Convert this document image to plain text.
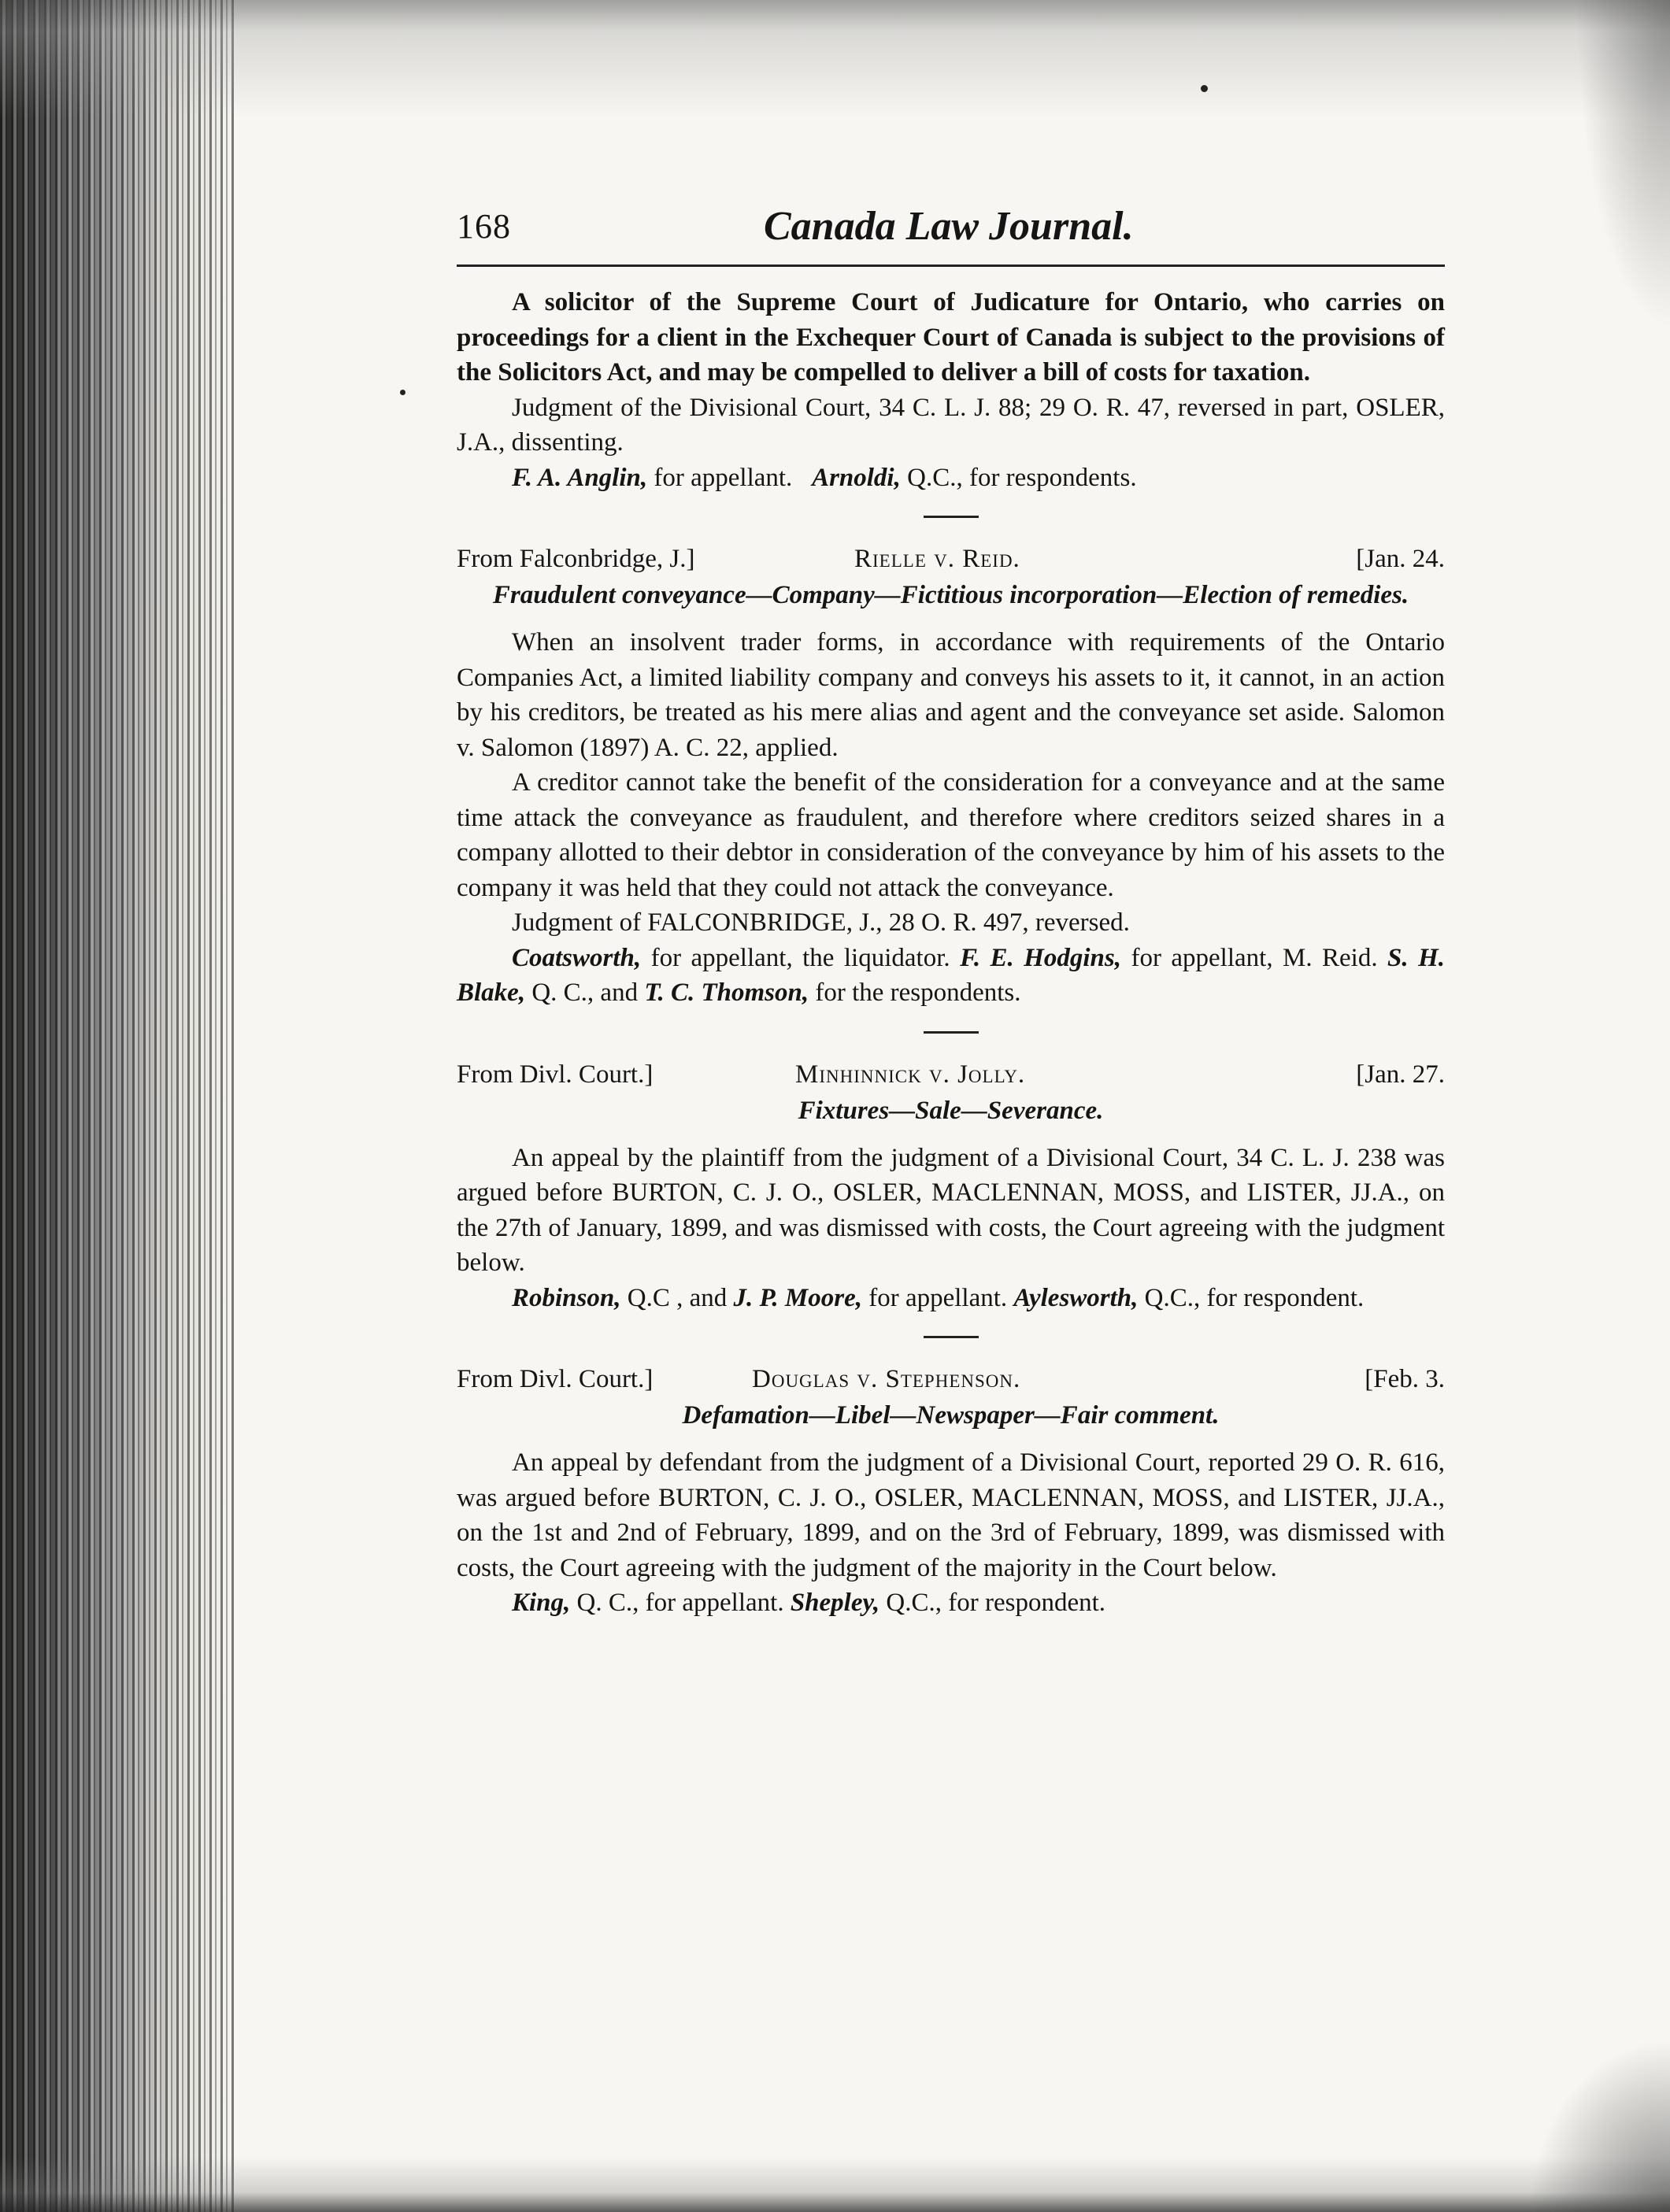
168	Canada Law Journal.

A solicitor of the Supreme Court of Judicature for Ontario, who carries on proceedings for a client in the Exchequer Court of Canada is subject to the provisions of the Solicitors Act, and may be compelled to deliver a bill of costs for taxation.

Judgment of the Divisional Court, 34 C. L. J. 88; 29 O. R. 47, reversed in part, OSLER, J.A., dissenting.

F. A. Anglin, for appellant. Arnoldi, Q.C., for respondents.

From Falconbridge, J.]	Rielle v. Reid.	[Jan. 24.

Fraudulent conveyance—Company—Fictitious incorporation—Election of remedies.

When an insolvent trader forms, in accordance with requirements of the Ontario Companies Act, a limited liability company and conveys his assets to it, it cannot, in an action by his creditors, be treated as his mere alias and agent and the conveyance set aside. Salomon v. Salomon (1897) A. C. 22, applied.

A creditor cannot take the benefit of the consideration for a conveyance and at the same time attack the conveyance as fraudulent, and therefore where creditors seized shares in a company allotted to their debtor in consideration of the conveyance by him of his assets to the company it was held that they could not attack the conveyance.

Judgment of FALCONBRIDGE, J., 28 O. R. 497, reversed.

Coatsworth, for appellant, the liquidator. F. E. Hodgins, for appellant, M. Reid. S. H. Blake, Q. C., and T. C. Thomson, for the respondents.

From Divl. Court.]	Minhinnick v. Jolly.	[Jan. 27.

Fixtures—Sale—Severance.

An appeal by the plaintiff from the judgment of a Divisional Court, 34 C. L. J. 238 was argued before BURTON, C. J. O., OSLER, MACLENNAN, MOSS, and LISTER, JJ.A., on the 27th of January, 1899, and was dismissed with costs, the Court agreeing with the judgment below.

Robinson, Q.C , and J. P. Moore, for appellant. Aylesworth, Q.C., for respondent.

From Divl. Court.]	Douglas v. Stephenson.	[Feb. 3.

Defamation—Libel—Newspaper—Fair comment.

An appeal by defendant from the judgment of a Divisional Court, reported 29 O. R. 616, was argued before BURTON, C. J. O., OSLER, MACLENNAN, MOSS, and LISTER, JJ.A., on the 1st and 2nd of February, 1899, and on the 3rd of February, 1899, was dismissed with costs, the Court agreeing with the judgment of the majority in the Court below.

King, Q. C., for appellant. Shepley, Q.C., for respondent.
